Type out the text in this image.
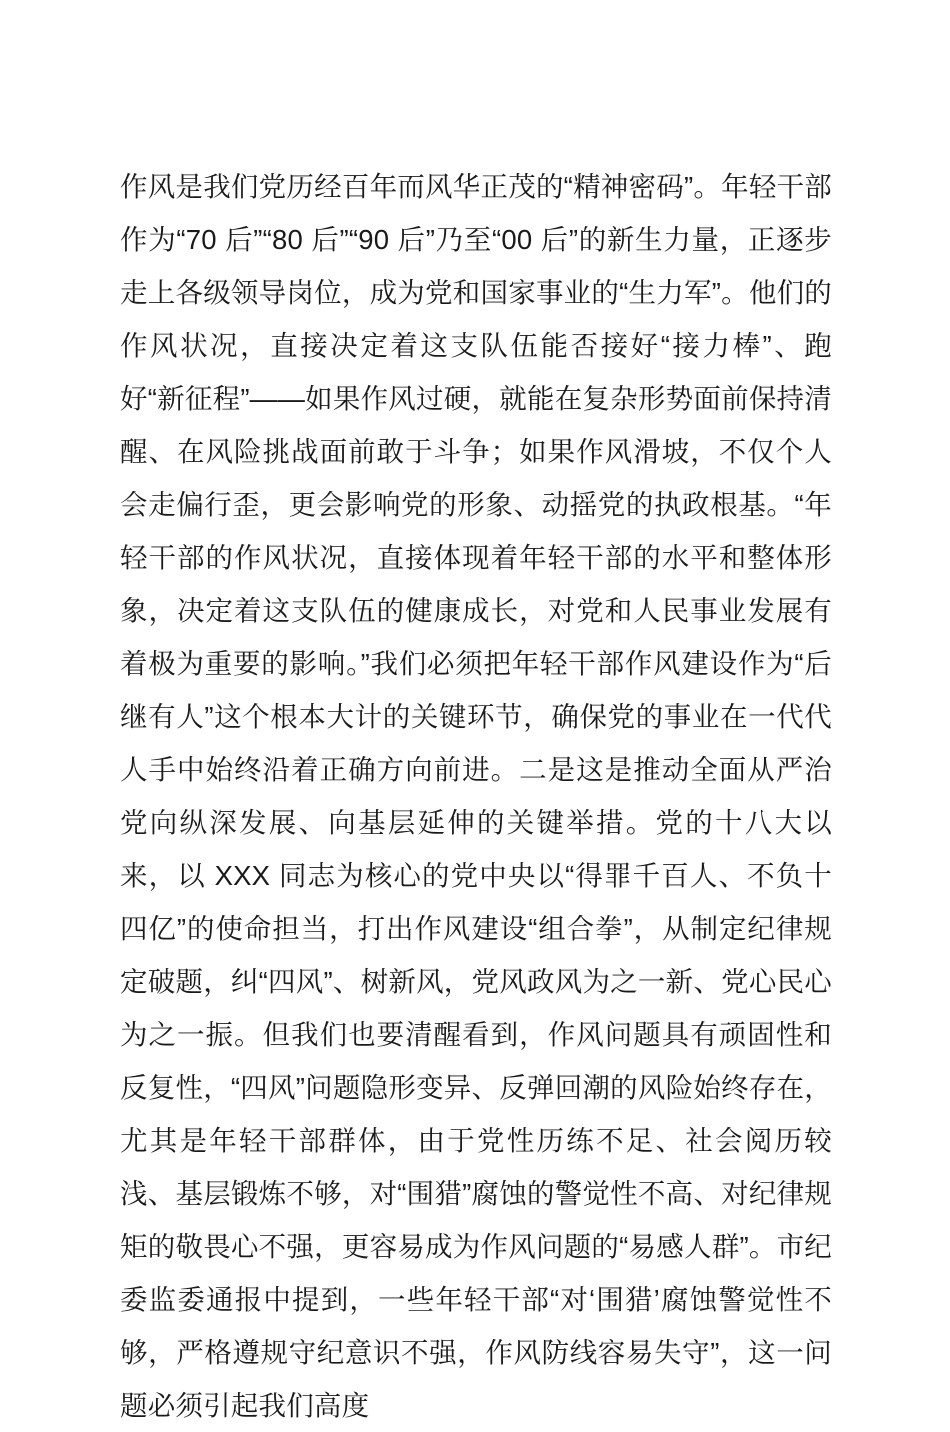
作风是我们党历经百年而风华正茂的“精神密码”。年轻干部作为“70 后”“80 后”“90 后”乃至“00 后”的新生力量，正逐步走上各级领导岗位，成为党和国家事业的“生力军”。他们的作风状况，直接决定着这支队伍能否接好“接力棒”、跑好“新征程”——如果作风过硬，就能在复杂形势面前保持清醒、在风险挑战面前敢于斗争；如果作风滑坡，不仅个人会走偏行歪，更会影响党的形象、动摇党的执政根基。“年轻干部的作风状况，直接体现着年轻干部的水平和整体形象，决定着这支队伍的健康成长，对党和人民事业发展有着极为重要的影响。”我们必须把年轻干部作风建设作为“后继有人”这个根本大计的关键环节，确保党的事业在一代代人手中始终沿着正确方向前进。二是这是推动全面从严治党向纵深发展、向基层延伸的关键举措。党的十八大以来，以 XXX 同志为核心的党中央以“得罪千百人、不负十四亿”的使命担当，打出作风建设“组合拳”，从制定纪律规定破题，纠“四风”、树新风，党风政风为之一新、党心民心为之一振。但我们也要清醒看到，作风问题具有顽固性和反复性，“四风”问题隐形变异、反弹回潮的风险始终存在，尤其是年轻干部群体，由于党性历练不足、社会阅历较浅、基层锻炼不够，对“围猎”腐蚀的警觉性不高、对纪律规矩的敬畏心不强，更容易成为作风问题的“易感人群”。市纪委监委通报中提到，一些年轻干部“对‘围猎’腐蚀警觉性不够，严格遵规守纪意识不强，作风防线容易失守”，这一问题必须引起我们高度
